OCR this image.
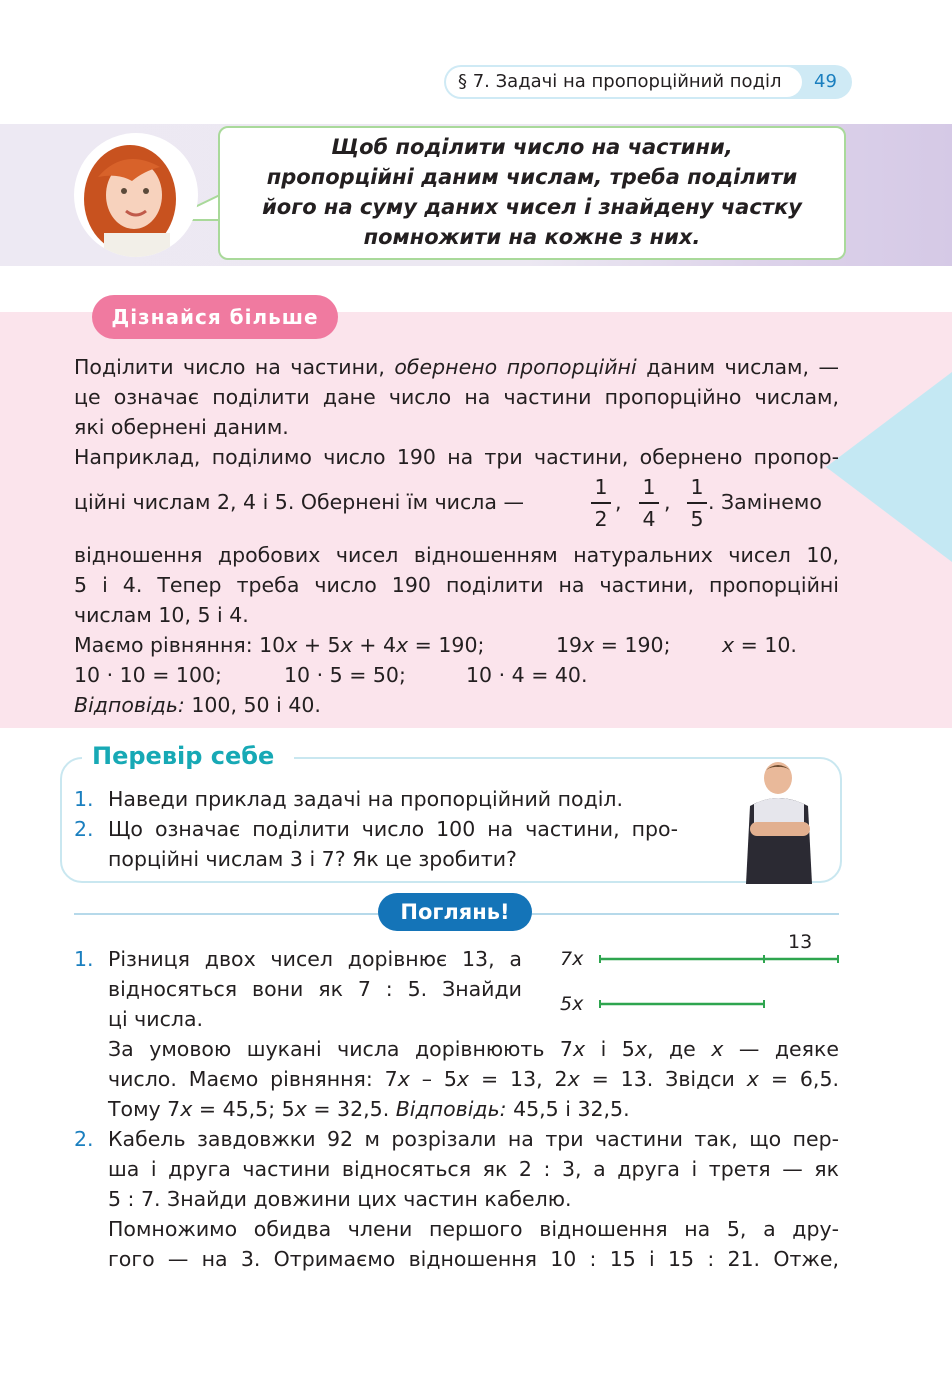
§ 7. Задачі на пропорційний поділ 49
Щоб поділити число на частини,
пропорційні даним числам, треба поділити
його на суму даних чисел і знайдену частку
помножити на кожне з них.
Дізнайся більше
Поділити число на частини, обернено пропорційні даним числам, —
це означає поділити дане число на частини пропорційно числам,
які обернені даним.
Наприклад, поділимо число 190 на три частини, обернено пропор-
ційні числам 2, 4 і 5. Обернені їм числа —
1
2
,
1
4
,
1
5
. Замінемо
відношення дробових чисел відношенням натуральних чисел 10,
5 і 4. Тепер треба число 190 поділити на частини, пропорційні
числам 10, 5 і 4.
Маємо рівняння: 10x + 5x + 4x = 190;	19x = 190;	x = 10.
10 · 10 = 100;	10 · 5 = 50;	10 · 4 = 40.
Відповідь: 100, 50 і 40.
Перевір себе
1. Наведи приклад задачі на пропорційний поділ.
2. Що означає поділити число 100 на частини, про-
порційні числам 3 і 7? Як це зробити?
Поглянь!
7x
13
5x
1. Різниця двох чисел дорівнює 13, а
відносяться вони як 7 : 5. Знайди
ці числа.
За умовою шукані числа дорівнюють 7x і 5x, де x — деяке
число. Маємо рівняння: 7x – 5x = 13, 2x = 13. Звідси x = 6,5.
Тому 7x = 45,5; 5x = 32,5. Відповідь: 45,5 і 32,5.
2. Кабель завдовжки 92 м розрізали на три частини так, що пер-
ша і друга частини відносяться як 2 : 3, а друга і третя — як
5 : 7. Знайди довжини цих частин кабелю.
Помножимо обидва члени першого відношення на 5, а дру-
гого — на 3. Отримаємо відношення 10 : 15 і 15 : 21. Отже,
